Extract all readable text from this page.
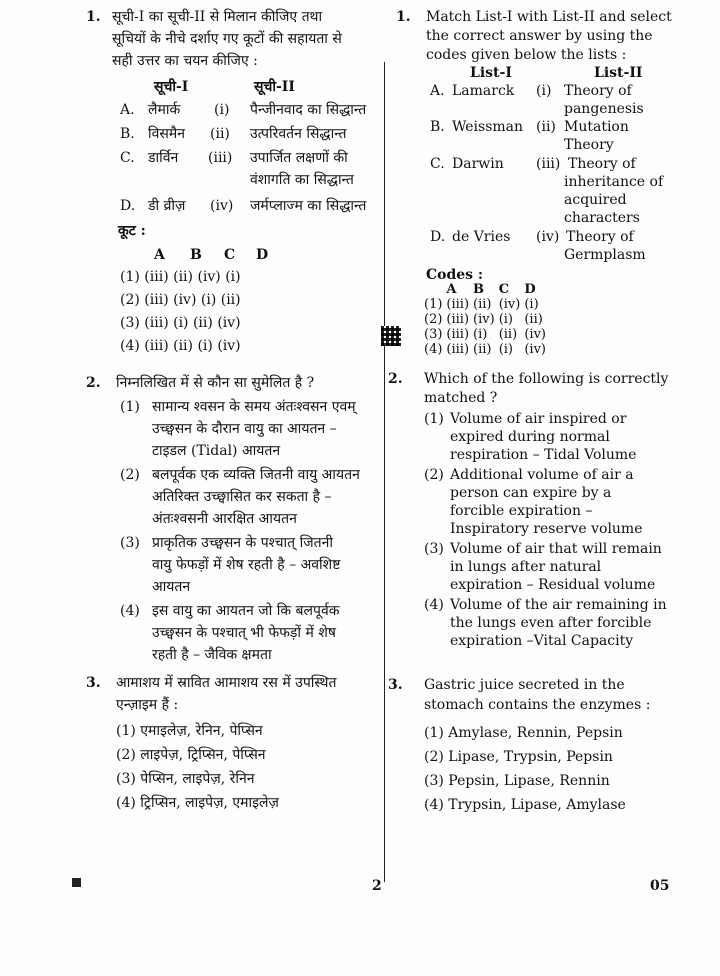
1. सूची-I का सूची-II से मिलान कीजिए तथा
सूचियों के नीचे दर्शाए गए कूटों की सहायता से
सही उत्तर का चयन कीजिए :
सूची-I	सूची-II
A. लैमार्क (i) पैन्जीनवाद का सिद्धान्त
B. विसमैन (ii) उत्परिवर्तन सिद्धान्त
C. डार्विन (iii) उपार्जित लक्षणों की
वंशागति का सिद्धान्त
D. डी व्रीज़ (iv) जर्मप्लाज्म का सिद्धान्त
कूट :
A B C D
(1) (iii) (ii) (iv) (i)
(2) (iii) (iv) (i) (ii)
(3) (iii) (i) (ii) (iv)
(4) (iii) (ii) (i) (iv)
2. निम्नलिखित में से कौन सा सुमेलित है ?
(1) सामान्य श्वसन के समय अंतःश्वसन एवम्
उच्छ्वसन के दौरान वायु का आयतन –
टाइडल (Tidal) आयतन
(2) बलपूर्वक एक व्यक्ति जितनी वायु आयतन
अतिरिक्त उच्छ्वासित कर सकता है –
अंतःश्वसनी आरक्षित आयतन
(3) प्राकृतिक उच्छ्वसन के पश्चात् जितनी
वायु फेफड़ों में शेष रहती है – अवशिष्ट
आयतन
(4) इस वायु का आयतन जो कि बलपूर्वक
उच्छ्वसन के पश्चात् भी फेफड़ों में शेष
रहती है – जैविक क्षमता
3. आमाशय में स्रावित आमाशय रस में उपस्थित
एन्ज़ाइम हैं :
(1) एमाइलेज़, रेनिन, पेप्सिन
(2) लाइपेज़, ट्रिप्सिन, पेप्सिन
(3) पेप्सिन, लाइपेज़, रेनिन
(4) ट्रिप्सिन, लाइपेज़, एमाइलेज़
1. Match List-I with List-II and select
the correct answer by using the
codes given below the lists :
List-I	List-II
A. Lamarck (i) Theory of
pangenesis
B. Weissman (ii) Mutation
Theory
C. Darwin (iii) Theory of
inheritance of
acquired
characters
D. de Vries (iv) Theory of
Germplasm
Codes :
	A	B	C	D
(1)	(iii)	(ii)	(iv)	(i)
(2)	(iii)	(iv)	(i)	(ii)
(3)	(iii)	(i)	(ii)	(iv)
(4)	(iii)	(ii)	(i)	(iv)
2. Which of the following is correctly
matched ?
(1) Volume of air inspired or
expired during normal
respiration – Tidal Volume
(2) Additional volume of air a
person can expire by a
forcible expiration –
Inspiratory reserve volume
(3) Volume of air that will remain
in lungs after natural
expiration – Residual volume
(4) Volume of the air remaining in
the lungs even after forcible
expiration –Vital Capacity
3. Gastric juice secreted in the
stomach contains the enzymes :
(1) Amylase, Rennin, Pepsin
(2) Lipase, Trypsin, Pepsin
(3) Pepsin, Lipase, Rennin
(4) Trypsin, Lipase, Amylase
2	05
